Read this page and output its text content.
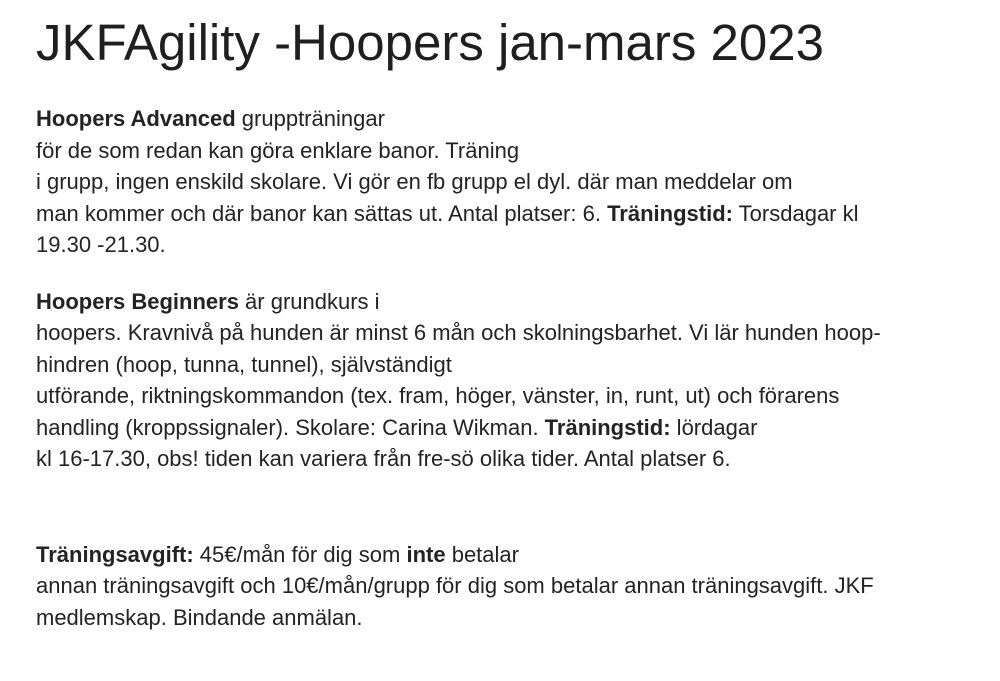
JKFAgility -Hoopers jan-mars 2023
Hoopers Advanced gruppträningar
för de som redan kan göra enklare banor. Träning
i grupp, ingen enskild skolare. Vi gör en fb grupp el dyl. där man meddelar om
man kommer och där banor kan sättas ut. Antal platser: 6. Träningstid: Torsdagar kl
19.30 -21.30.
Hoopers Beginners är grundkurs i
hoopers. Kravnivå på hunden är minst 6 mån och skolningsbarhet. Vi lär hunden hoop-
hindren (hoop, tunna, tunnel), självständigt
utförande, riktningskommandon (tex. fram, höger, vänster, in, runt, ut) och förarens
handling (kroppssignaler). Skolare: Carina Wikman. Träningstid: lördagar
kl 16-17.30, obs! tiden kan variera från fre-sö olika tider. Antal platser 6.
Träningsavgift: 45€/mån för dig som inte betalar
annan träningsavgift och 10€/mån/grupp för dig som betalar annan träningsavgift. JKF
medlemskap. Bindande anmälan.
